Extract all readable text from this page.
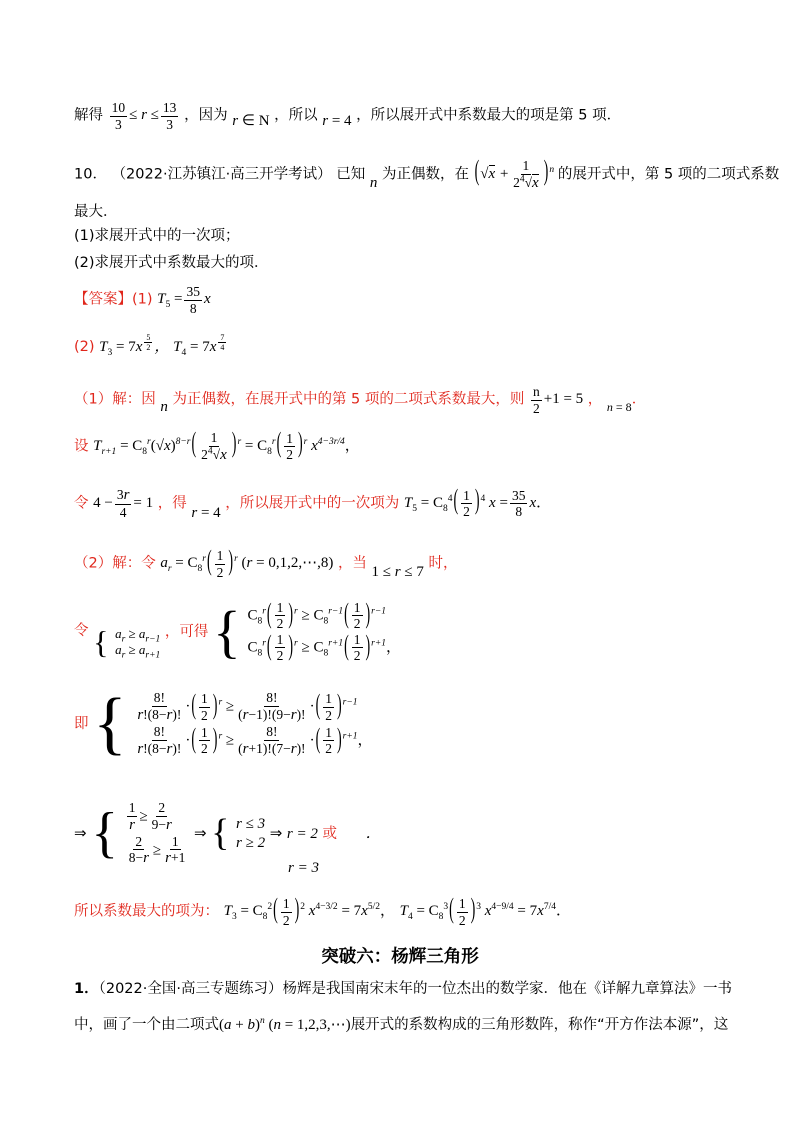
解得 $\frac{10}{3} \le r \le \frac{13}{3}$ ，因为 r ∈ N ，所以 r = 4 ，所以展开式中系数最大的项是第 5 项．
10． （2022·江苏镇江·高三开学考试） 已知 n 为正偶数，在 $(√x + \frac{1}{2^4√x} )^n$ 的展开式中，第 5 项的二项式系数
最大．
(1)求展开式中的一次项；
(2)求展开式中系数最大的项．
【答案】(1) $T_5 = \frac{35}{8}$ x
(2) $T_3 = 7x$ $^{\frac{5}{2}}$ ， $T_4 = 7x$ $^{\frac{7}{4}}$
（1）解：因 n 为正偶数，在展开式中的第 5 项的二项式系数最大，则 $\frac{n}{2} +1 = 5$ ， $_{n = 8}$．
设 $T_{r+1} = C_8^r(√x)^{8-r}( \frac{1}{2^4√x} )^r = C_8^r( \frac{1}{2} )^r$ $x^{4-3r/4}$，
令 $4 - \frac{3r}{4} = 1$ ，得 r = 4 ，所以展开式中的一次项为 $T_5 = C_8^4( \frac{1}{2} )^4$ $x = \frac{35}{8}$ x．
（2）解：令 $a_r = C_8^r( \frac{1}{2} )^r$ (r = 0,1,2,⋯,8) ，当 1 ≤ r ≤ 7 时，
令 { $a_r \ge a_{r-1}$
$a_r \ge a_{r+1}$
，可得 { $C_8^r( \frac{1}{2} )^r \ge C_8^{r-1}( \frac{1}{2} )^{r-1}$
$C_8^r( \frac{1}{2} )^r \ge C_8^{r+1}( \frac{1}{2} )^{r+1}$，
即 { $\frac{8!}{r!(8-r)!}$ ·( $\frac{1}{2} )^r \ge \frac{8!}{(r-1)!(9-r)!}$ ·( $\frac{1}{2} )^{r-1}$
$\frac{8!}{r!(8-r)!}$ ·( $\frac{1}{2} )^r \ge \frac{8!}{(r+1)!(7-r)!}$ ·( $\frac{1}{2} )^{r+1}$，
⇒ { $\frac{1}{r} \ge \frac{2}{9-r}$
$\frac{2}{8-r} \ge \frac{1}{r+1}$ ⇒ { r ≤ 3
r ≥ 2
⇒ r = 2 或 ．
r = 3
所以系数最大的项为： $T_3 = C_8^2( \frac{1}{2} )^2$ $x^{4-3/2} = 7x^{5/2}$， $T_4 = C_8^3( \frac{1}{2} )^3$ $x^{4-9/4} = 7x^{7/4}$．
突破六：杨辉三角形
1．（2022·全国·高三专题练习）杨辉是我国南宋末年的一位杰出的数学家．他在《详解九章算法》一书
中，画了一个由二项式$(a + b)^n$ (n = 1,2,3,⋯)展开式的系数构成的三角形数阵，称作“开方作法本源”，这
